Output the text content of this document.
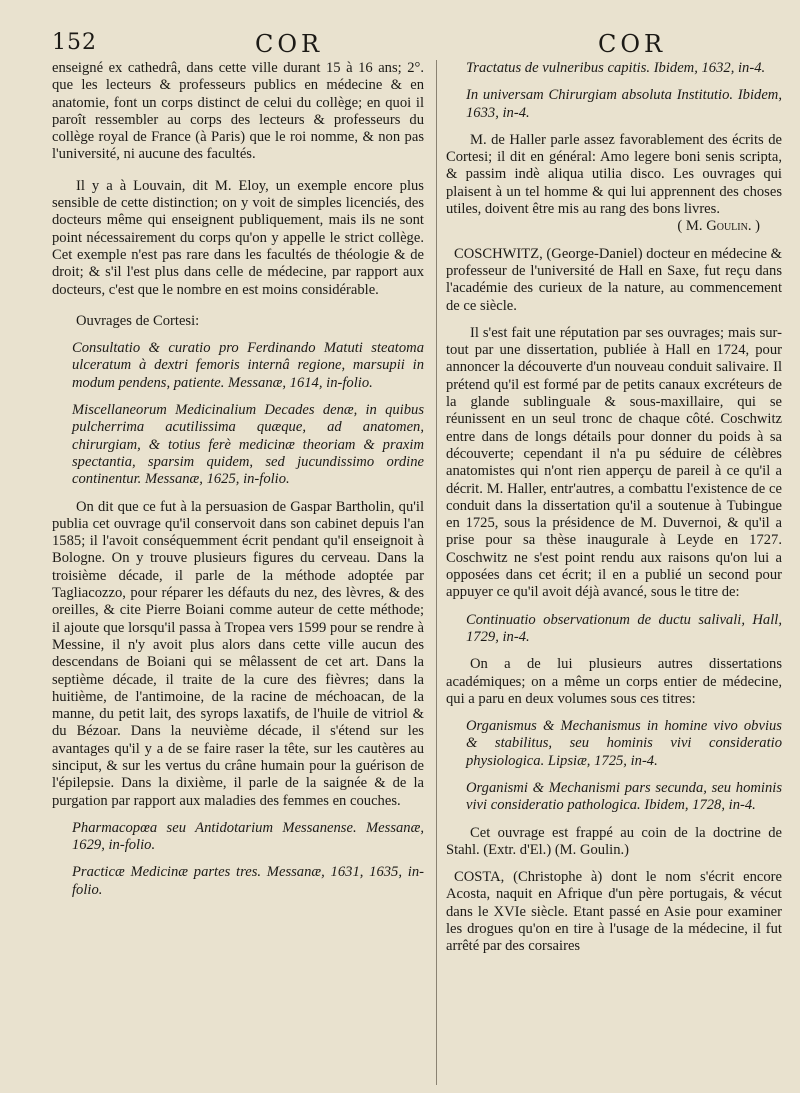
152	COR	COR

enseigné ex cathedrâ, dans cette ville durant 15 à 16 ans; 2°. que les lecteurs & professeurs publics en médecine & en anatomie, font un corps distinct de celui du collège; en quoi il paroît ressembler au corps des lecteurs & professeurs du collège royal de France (à Paris) que le roi nomme, & non pas l'université, ni aucune des facultés.

Il y a à Louvain, dit M. Eloy, un exemple encore plus sensible de cette distinction; on y voit de simples licenciés, des docteurs même qui enseignent publiquement, mais ils ne sont point nécessairement du corps qu'on y appelle le strict collège. Cet exemple n'est pas rare dans les facultés de théologie & de droit; & s'il l'est plus dans celle de médecine, par rapport aux docteurs, c'est que le nombre en est moins considérable.

Ouvrages de Cortesi:

Consultatio & curatio pro Ferdinando Matuti steatoma ulceratum à dextri femoris internâ regione, marsupii in modum pendens, patiente. Messanæ, 1614, in-folio.

Miscellaneorum Medicinalium Decades denæ, in quibus pulcherrima acutilissima quæque, ad anatomen, chirurgiam, & totius ferè medicinæ theoriam & praxim spectantia, sparsim quidem, sed jucundissimo ordine continentur. Messanæ, 1625, in-folio.

On dit que ce fut à la persuasion de Gaspar Bartholin, qu'il publia cet ouvrage qu'il conservoit dans son cabinet depuis l'an 1585; il l'avoit conséquemment écrit pendant qu'il enseignoit à Bologne. On y trouve plusieurs figures du cerveau. Dans la troisième décade, il parle de la méthode adoptée par Tagliacozzo, pour réparer les défauts du nez, des lèvres, & des oreilles, & cite Pierre Boiani comme auteur de cette méthode; il ajoute que lorsqu'il passa à Tropea vers 1599 pour se rendre à Messine, il n'y avoit plus alors dans cette ville aucun des descendans de Boiani qui se mêlassent de cet art. Dans la septième décade, il traite de la cure des fièvres; dans la huitième, de l'antimoine, de la racine de méchoacan, de la manne, du petit lait, des syrops laxatifs, de l'huile de vitriol & du Bézoar. Dans la neuvième décade, il s'étend sur les avantages qu'il y a de se faire raser la tête, sur les cautères au sinciput, & sur les vertus du crâne humain pour la guérison de l'épilepsie. Dans la dixième, il parle de la saignée & de la purgation par rapport aux maladies des femmes en couches.

Pharmacopœa seu Antidotarium Messanense. Messanæ, 1629, in-folio.

Practicæ Medicinæ partes tres. Messanæ, 1631, 1635, in-folio.

Tractatus de vulneribus capitis. Ibidem, 1632, in-4.

In universam Chirurgiam absoluta Institutio. Ibidem, 1633, in-4.

M. de Haller parle assez favorablement des écrits de Cortesi; il dit en général: Amo legere boni senis scripta, & passim indè aliqua utilia disco. Les ouvrages qui plaisent à un tel homme & qui lui apprennent des choses utiles, doivent être mis au rang des bons livres.

( M. Goulin. )

COSCHWITZ, (George-Daniel) docteur en médecine & professeur de l'université de Hall en Saxe, fut reçu dans l'académie des curieux de la nature, au commencement de ce siècle.

Il s'est fait une réputation par ses ouvrages; mais sur-tout par une dissertation, publiée à Hall en 1724, pour annoncer la découverte d'un nouveau conduit salivaire. Il prétend qu'il est formé par de petits canaux excréteurs de la glande sublinguale & sous-maxillaire, qui se réunissent en un seul tronc de chaque côté. Coschwitz entre dans de longs détails pour donner du poids à sa découverte; cependant il n'a pu séduire de célèbres anatomistes qui n'ont rien apperçu de pareil à ce qu'il a décrit. M. Haller, entr'autres, a combattu l'existence de ce conduit dans la dissertation qu'il a soutenue à Tubingue en 1725, sous la présidence de M. Duvernoi, & qu'il a prise pour sa thèse inaugurale à Leyde en 1727. Coschwitz ne s'est point rendu aux raisons qu'on lui a opposées dans cet écrit; il en a publié un second pour appuyer ce qu'il avoit déjà avancé, sous le titre de:

Continuatio observationum de ductu salivali, Hall, 1729, in-4.

On a de lui plusieurs autres dissertations académiques; on a même un corps entier de médecine, qui a paru en deux volumes sous ces titres:

Organismus & Mechanismus in homine vivo obvius & stabilitus, seu hominis vivi consideratio physiologica. Lipsiæ, 1725, in-4.

Organismi & Mechanismi pars secunda, seu hominis vivi consideratio pathologica. Ibidem, 1728, in-4.

Cet ouvrage est frappé au coin de la doctrine de Stahl. (Extr. d'El.) (M. Goulin.)

COSTA, (Christophe à) dont le nom s'écrit encore Acosta, naquit en Afrique d'un père portugais, & vécut dans le XVIe siècle. Etant passé en Asie pour examiner les drogues qu'on en tire à l'usage de la médecine, il fut arrêté par des corsaires
